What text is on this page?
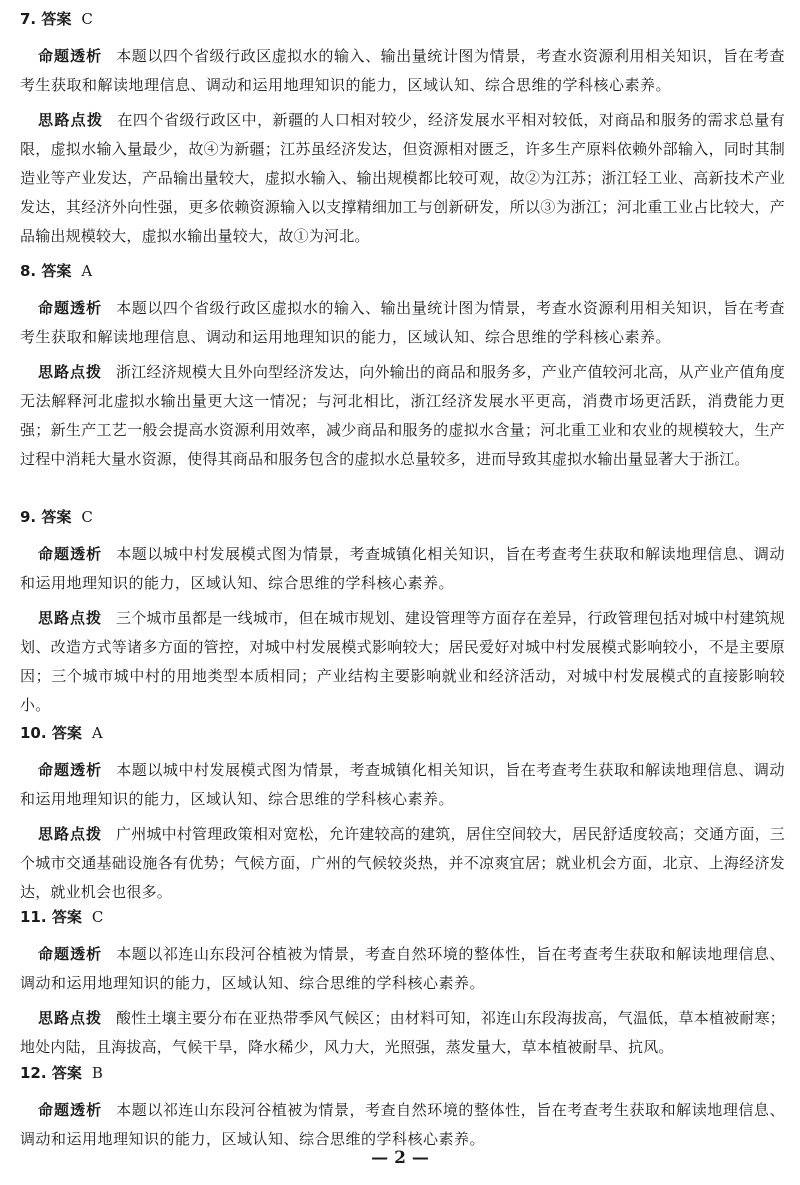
7. 答案 C

命题透析 本题以四个省级行政区虚拟水的输入、输出量统计图为情景，考查水资源利用相关知识，旨在考查考生获取和解读地理信息、调动和运用地理知识的能力，区域认知、综合思维的学科核心素养。

思路点拨 在四个省级行政区中，新疆的人口相对较少，经济发展水平相对较低，对商品和服务的需求总量有限，虚拟水输入量最少，故④为新疆；江苏虽经济发达，但资源相对匮乏，许多生产原料依赖外部输入，同时其制造业等产业发达，产品输出量较大，虚拟水输入、输出规模都比较可观，故②为江苏；浙江轻工业、高新技术产业发达，其经济外向性强，更多依赖资源输入以支撑精细加工与创新研发，所以③为浙江；河北重工业占比较大，产品输出规模较大，虚拟水输出量较大，故①为河北。

8. 答案 A

命题透析 本题以四个省级行政区虚拟水的输入、输出量统计图为情景，考查水资源利用相关知识，旨在考查考生获取和解读地理信息、调动和运用地理知识的能力，区域认知、综合思维的学科核心素养。

思路点拨 浙江经济规模大且外向型经济发达，向外输出的商品和服务多，产业产值较河北高，从产业产值角度无法解释河北虚拟水输出量更大这一情况；与河北相比，浙江经济发展水平更高，消费市场更活跃，消费能力更强；新生产工艺一般会提高水资源利用效率，减少商品和服务的虚拟水含量；河北重工业和农业的规模较大，生产过程中消耗大量水资源，使得其商品和服务包含的虚拟水总量较多，进而导致其虚拟水输出量显著大于浙江。

9. 答案 C

命题透析 本题以城中村发展模式图为情景，考查城镇化相关知识，旨在考查考生获取和解读地理信息、调动和运用地理知识的能力，区域认知、综合思维的学科核心素养。

思路点拨 三个城市虽都是一线城市，但在城市规划、建设管理等方面存在差异，行政管理包括对城中村建筑规划、改造方式等诸多方面的管控，对城中村发展模式影响较大；居民爱好对城中村发展模式影响较小，不是主要原因；三个城市城中村的用地类型本质相同；产业结构主要影响就业和经济活动，对城中村发展模式的直接影响较小。

10. 答案 A

命题透析 本题以城中村发展模式图为情景，考查城镇化相关知识，旨在考查考生获取和解读地理信息、调动和运用地理知识的能力，区域认知、综合思维的学科核心素养。

思路点拨 广州城中村管理政策相对宽松，允许建较高的建筑，居住空间较大，居民舒适度较高；交通方面，三个城市交通基础设施各有优势；气候方面，广州的气候较炎热，并不凉爽宜居；就业机会方面，北京、上海经济发达，就业机会也很多。

11. 答案 C

命题透析 本题以祁连山东段河谷植被为情景，考查自然环境的整体性，旨在考查考生获取和解读地理信息、调动和运用地理知识的能力，区域认知、综合思维的学科核心素养。

思路点拨 酸性土壤主要分布在亚热带季风气候区；由材料可知，祁连山东段海拔高，气温低，草本植被耐寒；地处内陆，且海拔高，气候干旱，降水稀少，风力大，光照强，蒸发量大，草本植被耐旱、抗风。

12. 答案 B

命题透析 本题以祁连山东段河谷植被为情景，考查自然环境的整体性，旨在考查考生获取和解读地理信息、调动和运用地理知识的能力，区域认知、综合思维的学科核心素养。

— 2 —
